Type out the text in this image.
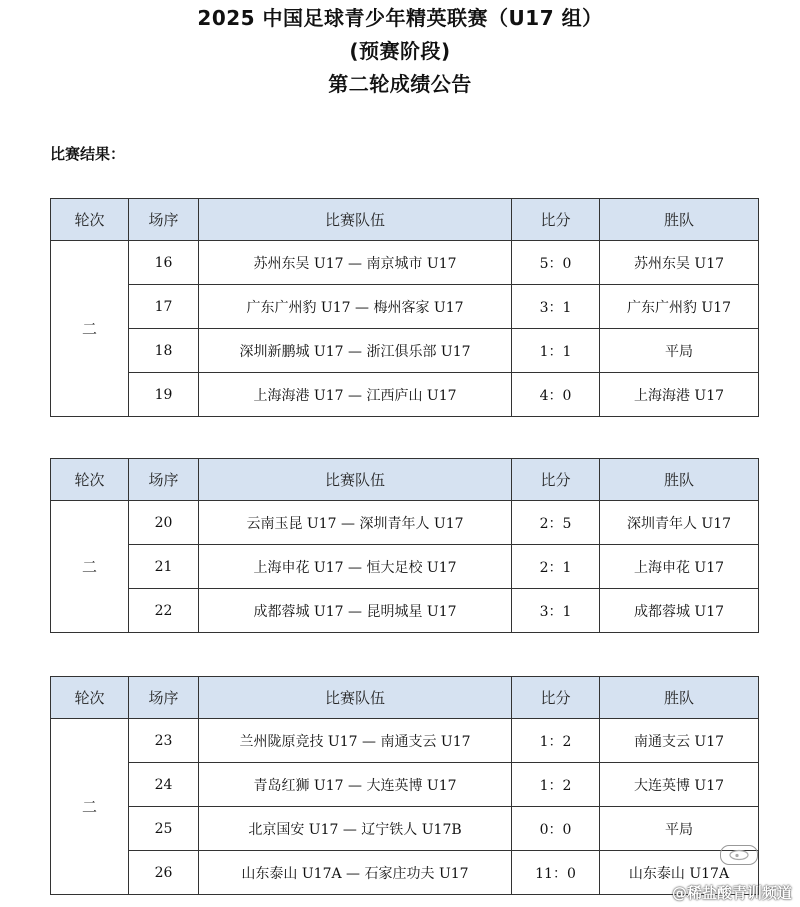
2025 中国足球青少年精英联赛（U17 组）
(预赛阶段)
第二轮成绩公告
比赛结果：
轮次	场序	比赛队伍	比分	胜队
二	16	苏州东吴 U17 — 南京城市 U17	5：0	苏州东吴 U17
	17	广东广州豹 U17 — 梅州客家 U17	3：1	广东广州豹 U17
	18	深圳新鹏城 U17 — 浙江俱乐部 U17	1：1	平局
	19	上海海港 U17 — 江西庐山 U17	4：0	上海海港 U17
轮次	场序	比赛队伍	比分	胜队
二	20	云南玉昆 U17 — 深圳青年人 U17	2：5	深圳青年人 U17
	21	上海申花 U17 — 恒大足校 U17	2：1	上海申花 U17
	22	成都蓉城 U17 — 昆明城星 U17	3：1	成都蓉城 U17
轮次	场序	比赛队伍	比分	胜队
二	23	兰州陇原竞技 U17 — 南通支云 U17	1：2	南通支云 U17
	24	青岛红狮 U17 — 大连英博 U17	1：2	大连英博 U17
	25	北京国安 U17 — 辽宁铁人 U17B	0：0	平局
	26	山东泰山 U17A — 石家庄功夫 U17	11：0	山东泰山 U17A
@稀盐酸青训频道
